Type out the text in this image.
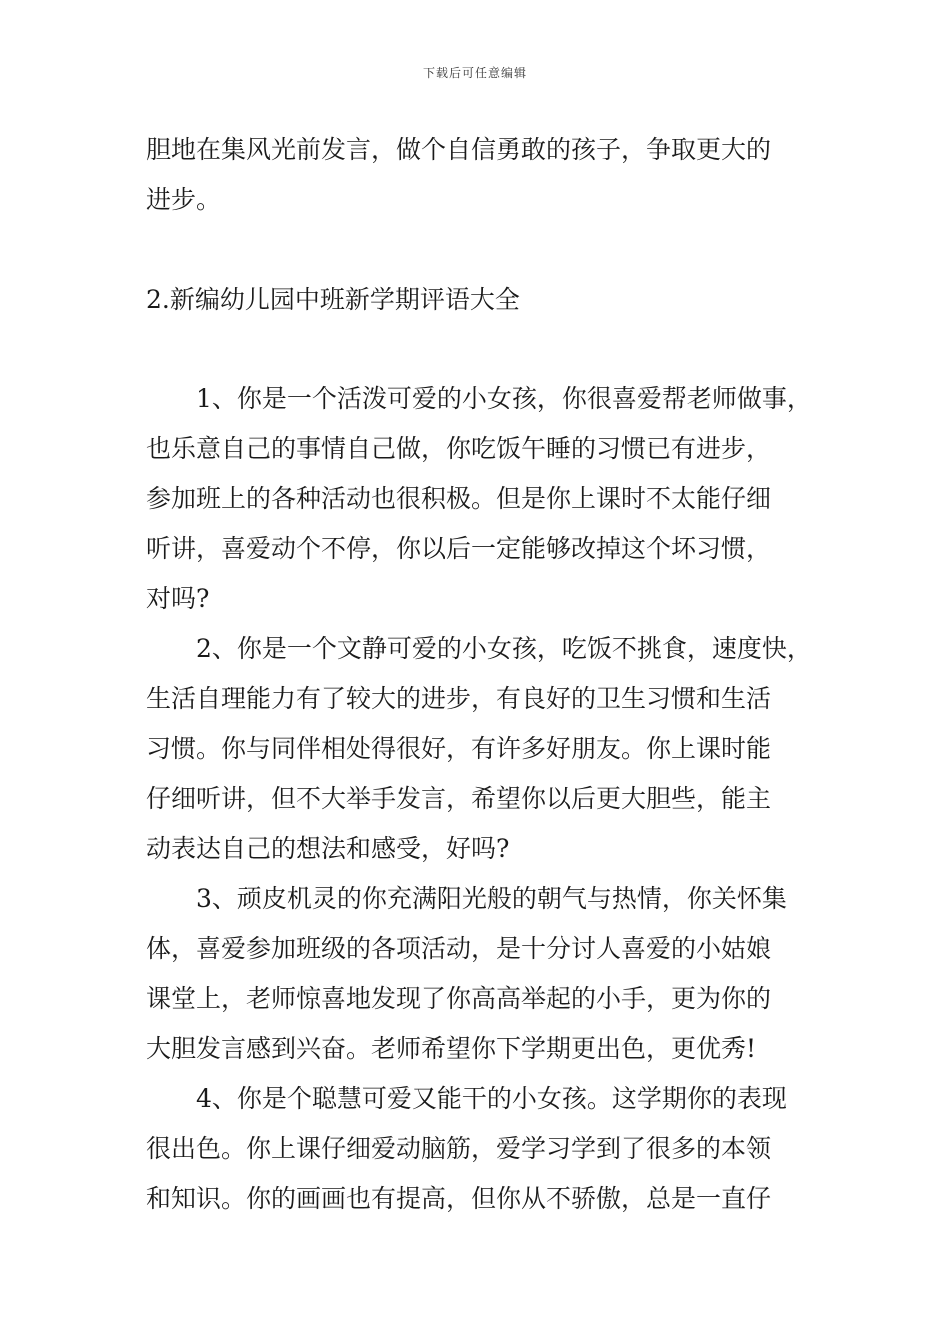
下载后可任意编辑
胆地在集风光前发言，做个自信勇敢的孩子，争取更大的
进步。
2.新编幼儿园中班新学期评语大全
1、你是一个活泼可爱的小女孩，你很喜爱帮老师做事，
也乐意自己的事情自己做，你吃饭午睡的习惯已有进步，
参加班上的各种活动也很积极。但是你上课时不太能仔细
听讲，喜爱动个不停，你以后一定能够改掉这个坏习惯，
对吗?
2、你是一个文静可爱的小女孩，吃饭不挑食，速度快，
生活自理能力有了较大的进步，有良好的卫生习惯和生活
习惯。你与同伴相处得很好，有许多好朋友。你上课时能
仔细听讲，但不大举手发言，希望你以后更大胆些，能主
动表达自己的想法和感受，好吗?
3、顽皮机灵的你充满阳光般的朝气与热情，你关怀集
体，喜爱参加班级的各项活动，是十分讨人喜爱的小姑娘
课堂上，老师惊喜地发现了你高高举起的小手，更为你的
大胆发言感到兴奋。老师希望你下学期更出色，更优秀!
4、你是个聪慧可爱又能干的小女孩。这学期你的表现
很出色。你上课仔细爱动脑筋，爱学习学到了很多的本领
和知识。你的画画也有提高，但你从不骄傲，总是一直仔
